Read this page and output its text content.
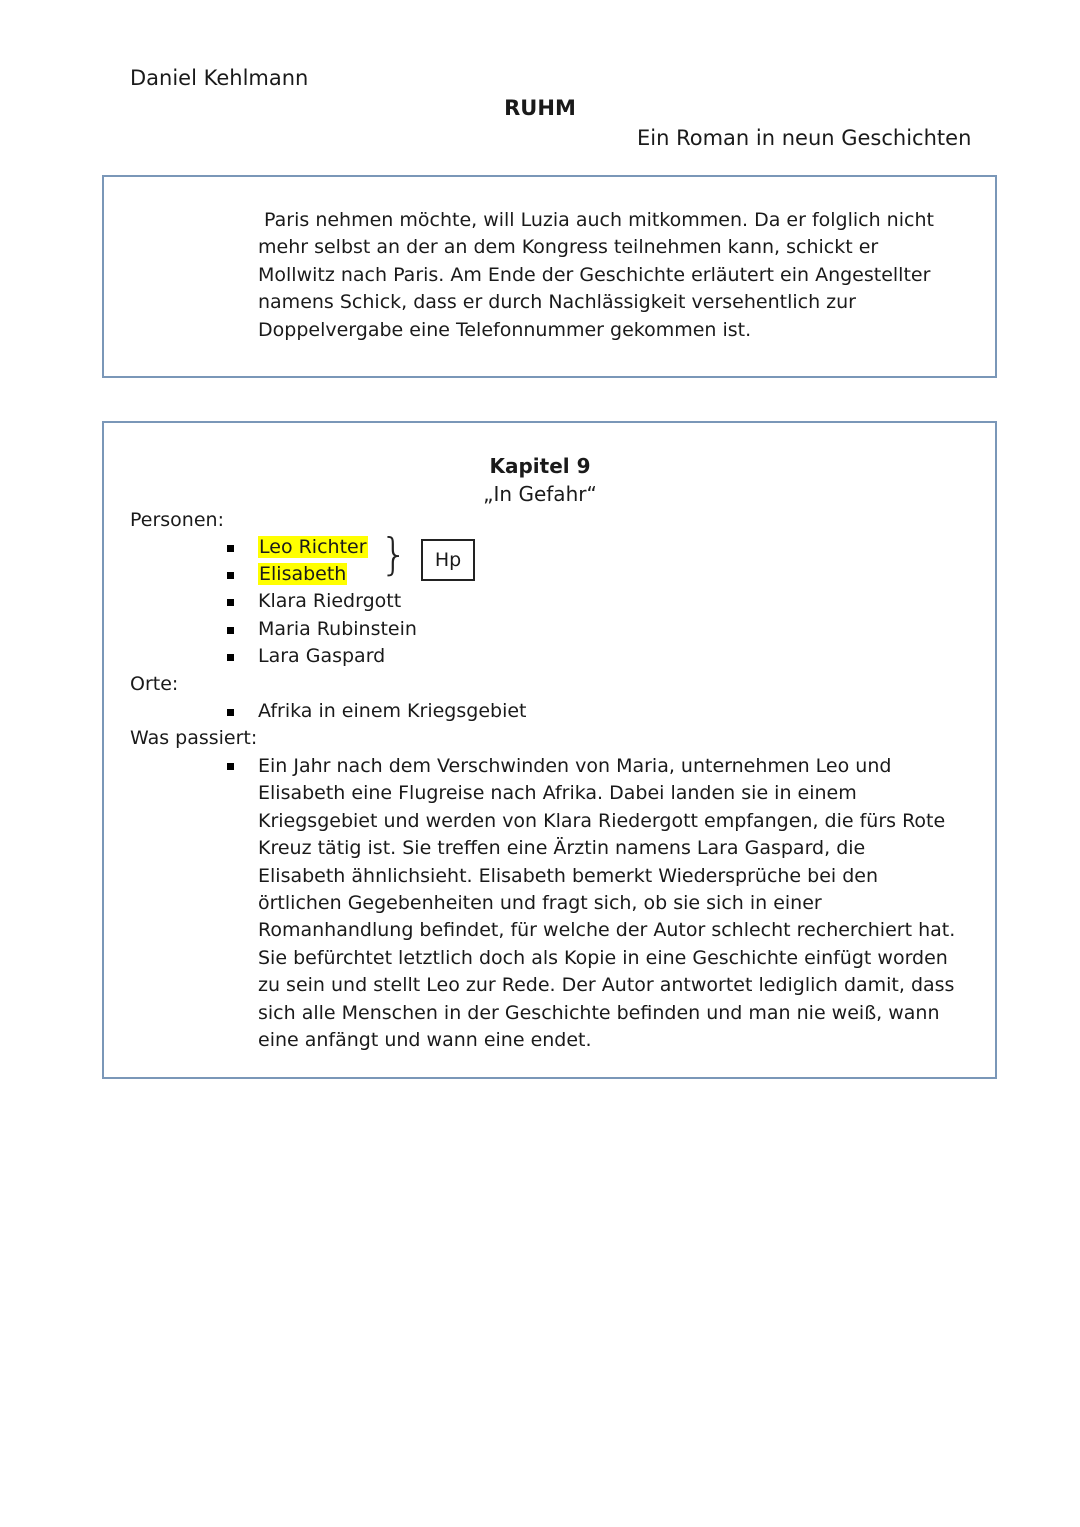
Daniel Kehlmann
RUHM
Ein Roman in neun Geschichten
Paris nehmen möchte, will Luzia auch mitkommen. Da er folglich nicht mehr selbst an der an dem Kongress teilnehmen kann, schickt er Mollwitz nach Paris. Am Ende der Geschichte erläutert ein Angestellter namens Schick, dass er durch Nachlässigkeit versehentlich zur Doppelvergabe eine Telefonnummer gekommen ist.
Kapitel 9
„In Gefahr“
Personen:
Leo Richter
Elisabeth
Klara Riedrgott
Maria Rubinstein
Lara Gaspard
}	Hp
Orte:
Afrika in einem Kriegsgebiet
Was passiert:
Ein Jahr nach dem Verschwinden von Maria, unternehmen Leo und Elisabeth eine Flugreise nach Afrika. Dabei landen sie in einem Kriegsgebiet und werden von Klara Riedergott empfangen, die fürs Rote Kreuz tätig ist. Sie treffen eine Ärztin namens Lara Gaspard, die Elisabeth ähnlichsieht. Elisabeth bemerkt Wiedersprüche bei den örtlichen Gegebenheiten und fragt sich, ob sie sich in einer Romanhandlung befindet, für welche der Autor schlecht recherchiert hat. Sie befürchtet letztlich doch als Kopie in eine Geschichte einfügt worden zu sein und stellt Leo zur Rede. Der Autor antwortet lediglich damit, dass sich alle Menschen in der Geschichte befinden und man nie weiß, wann eine anfängt und wann eine endet.
